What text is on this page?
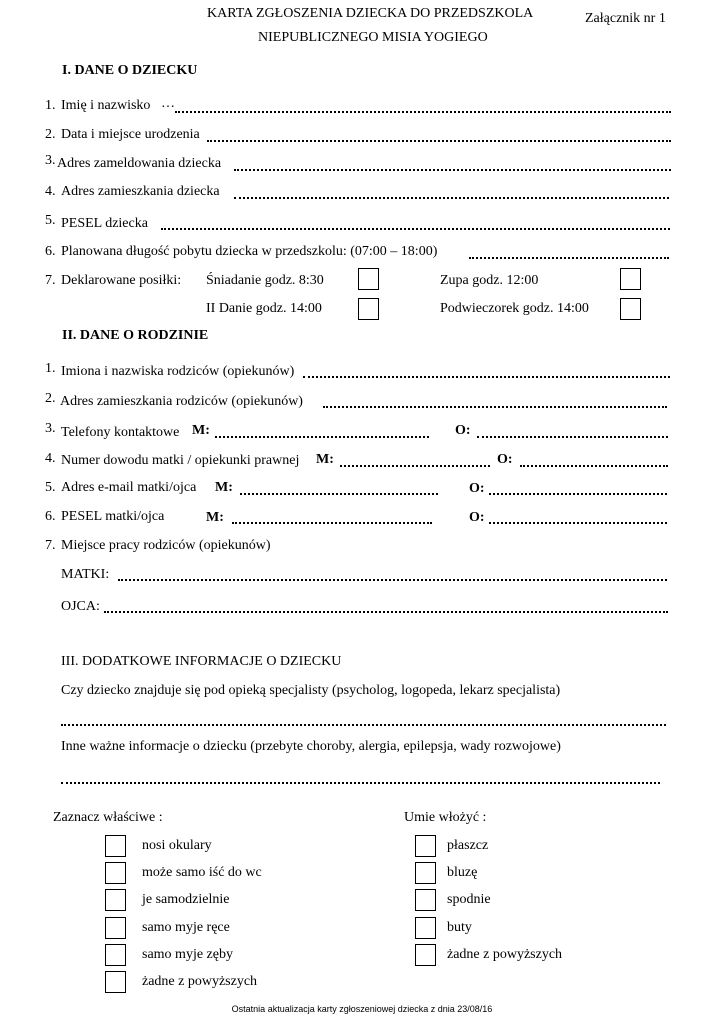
KARTA ZGŁOSZENIA DZIECKA DO PRZEDSZKOLA
NIEPUBLICZNEGO MISIA YOGIEGO
Załącznik nr 1
I. DANE O DZIECKU
1. Imię i nazwisko …
2. Data i miejsce urodzenia
3. Adres zameldowania dziecka
4. Adres zamieszkania dziecka
5. PESEL dziecka
6. Planowana długość pobytu dziecka w przedszkolu: (07:00 – 18:00)
7. Deklarowane posiłki: Śniadanie godz. 8:30	Zupa godz. 12:00
II Danie godz. 14:00	Podwieczorek godz. 14:00
II. DANE O RODZINIE
1. Imiona i nazwiska rodziców (opiekunów)
2. Adres zamieszkania rodziców (opiekunów)
3. Telefony kontaktowe M:	O:
4. Numer dowodu matki / opiekunki prawnej M:	O:
5. Adres e-mail matki/ojca M:	O:
6. PESEL matki/ojca	M:	O:
7. Miejsce pracy rodziców (opiekunów)
MATKI:
OJCA:
III. DODATKOWE INFORMACJE O DZIECKU
Czy dziecko znajduje się pod opieką specjalisty (psycholog, logopeda, lekarz specjalista)
Inne ważne informacje o dziecku (przebyte choroby, alergia, epilepsja, wady rozwojowe)
Zaznacz właściwe :	Umie włożyć :
nosi okulary
może samo iść do wc
je samodzielnie
samo myje ręce
samo myje zęby
żadne z powyższych
płaszcz
bluzę
spodnie
buty
żadne z powyższych
Ostatnia aktualizacja karty zgłoszeniowej dziecka z dnia 23/08/16
